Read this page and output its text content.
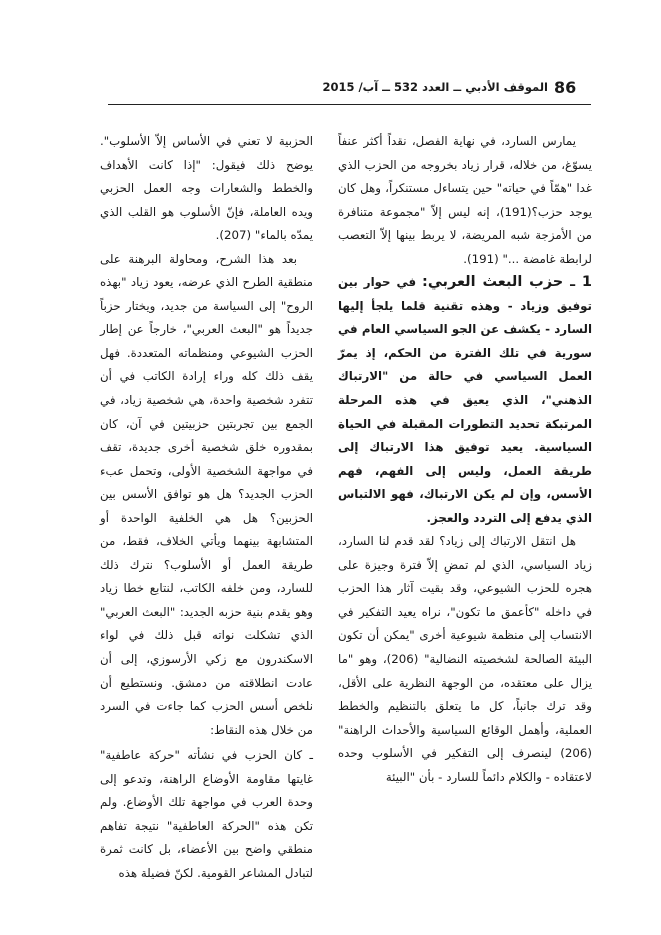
86
الموقف الأدبي ــ العدد 532 ــ آب/ 2015

يمارس السارد، في نهاية الفصل، نقداً أكثر عنفاً يسوّغ، من خلاله، قرار زياد بخروجه من الحزب الذي غدا "همّاً في حياته" حين يتساءل مستنكراً، وهل كان يوجد حزب؟(191)، إنه ليس إلاّ "مجموعة متنافرة من الأمزجة شبه المريضة، لا يربط بينها إلاّ التعصب لرابطة غامضة ..." (191).

1 ـ حزب البعث العربي: في حوار بين توفيق وزياد - وهذه تقنية قلما يلجأ إليها السارد - يكشف عن الجو السياسي العام في سورية في تلك الفترة من الحكم، إذ يمرّ العمل السياسي في حالة من "الارتباك الذهني"، الذي يعيق في هذه المرحلة المرتبكة تحديد التطورات المقبلة في الحياة السياسية. يعيد توفيق هذا الارتباك إلى طريقة العمل، وليس إلى الفهم، فهم الأسس، وإن لم يكن الارتباك، فهو الالتباس الذي يدفع إلى التردد والعجز.

هل انتقل الارتباك إلى زياد؟ لقد قدم لنا السارد، زياد السياسي، الذي لم تمضِ إلاّ فترة وجيزة على هجره للحزب الشيوعي، وقد بقيت آثار هذا الحزب في داخله "كأعمق ما تكون"، نراه يعيد التفكير في الانتساب إلى منظمة شيوعية أخرى "يمكن أن تكون البيئة الصالحة لشخصيته النضالية" (206)، وهو "ما يزال على معتقده، من الوجهة النظرية على الأقل، وقد ترك جانباً، كل ما يتعلق بالتنظيم والخطط العملية، وأهمل الوقائع السياسية والأحداث الراهنة" (206) لينصرف إلى التفكير في الأسلوب وحده لاعتقاده - والكلام دائماً للسارد - بأن "البيئة

الحزبية لا تعني في الأساس إلاّ الأسلوب". يوضح ذلك فيقول: "إذا كانت الأهداف والخطط والشعارات وجه العمل الحزبي ويده العاملة، فإنّ الأسلوب هو القلب الذي يمدّه بالماء" (207).

بعد هذا الشرح، ومحاولة البرهنة على منطقية الطرح الذي عرضه، يعود زياد "بهذه الروح" إلى السياسة من جديد، ويختار حزباً جديداً هو "البعث العربي"، خارجاً عن إطار الحزب الشيوعي ومنظماته المتعددة. فهل يقف ذلك كله وراء إرادة الكاتب في أن تتفرد شخصية واحدة، هي شخصية زياد، في الجمع بين تجربتين حزبيتين في آن، كان بمقدوره خلق شخصية أخرى جديدة، تقف في مواجهة الشخصية الأولى، وتحمل عبء الحزب الجديد؟ هل هو توافق الأسس بين الحزبين؟ هل هي الخلفية الواحدة أو المتشابهة بينهما ويأتي الخلاف، فقط، من طريقة العمل أو الأسلوب؟ نترك ذلك للسارد، ومن خلفه الكاتب، لنتابع خطا زياد وهو يقدم بنية حزبه الجديد: "البعث العربي" الذي تشكلت نواته قبل ذلك في لواء الاسكندرون مع زكي الأرسوزي، إلى أن عادت انطلاقته من دمشق. ونستطيع أن نلخص أسس الحزب كما جاءت في السرد من خلال هذه النقاط:

ـ كان الحزب في نشأته "حركة عاطفية" غايتها مقاومة الأوضاع الراهنة، وتدعو إلى وحدة العرب في مواجهة تلك الأوضاع. ولم تكن هذه "الحركة العاطفية" نتيجة تفاهم منطقي واضح بين الأعضاء، بل كانت ثمرة لتبادل المشاعر القومية. لكنّ فضيلة هذه
